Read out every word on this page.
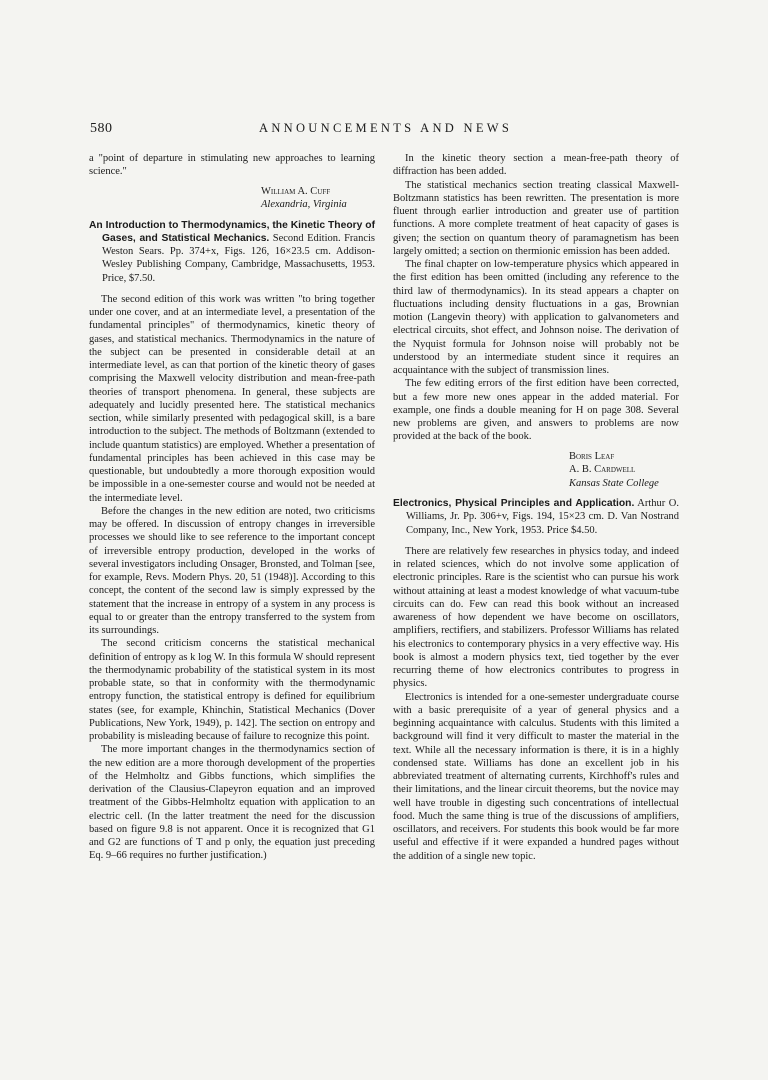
580	ANNOUNCEMENTS AND NEWS

a "point of departure in stimulating new approaches to learning science."

William A. Cuff
Alexandria, Virginia
An Introduction to Thermodynamics, the Kinetic Theory of Gases, and Statistical Mechanics. Second Edition. Francis Weston Sears. Pp. 374+x, Figs. 126, 16×23.5 cm. Addison-Wesley Publishing Company, Cambridge, Massachusetts, 1953. Price, $7.50.

The second edition of this work was written "to bring together under one cover, and at an intermediate level, a presentation of the fundamental principles" of thermodynamics, kinetic theory of gases, and statistical mechanics. Thermodynamics in the nature of the subject can be presented in considerable detail at an intermediate level, as can that portion of the kinetic theory of gases comprising the Maxwell velocity distribution and mean-free-path theories of transport phenomena. In general, these subjects are adequately and lucidly presented here. The statistical mechanics section, while similarly presented with pedagogical skill, is a bare introduction to the subject. The methods of Boltzmann (extended to include quantum statistics) are employed. Whether a presentation of fundamental principles has been achieved in this case may be questionable, but undoubtedly a more thorough exposition would be impossible in a one-semester course and would not be needed at the intermediate level.

Before the changes in the new edition are noted, two criticisms may be offered. In discussion of entropy changes in irreversible processes we should like to see reference to the important concept of irreversible entropy production, developed in the works of several investigators including Onsager, Bronsted, and Tolman [see, for example, Revs. Modern Phys. 20, 51 (1948)]. According to this concept, the content of the second law is simply expressed by the statement that the increase in entropy of a system in any process is equal to or greater than the entropy transferred to the system from its surroundings.

The second criticism concerns the statistical mechanical definition of entropy as k log W. In this formula W should represent the thermodynamic probability of the statistical system in its most probable state, so that in conformity with the thermodynamic entropy function, the statistical entropy is defined for equilibrium states (see, for example, Khinchin, Statistical Mechanics (Dover Publications, New York, 1949), p. 142]. The section on entropy and probability is misleading because of failure to recognize this point.

The more important changes in the thermodynamics section of the new edition are a more thorough development of the properties of the Helmholtz and Gibbs functions, which simplifies the derivation of the Clausius-Clapeyron equation and an improved treatment of the Gibbs-Helmholtz equation with application to an electric cell. (In the latter treatment the need for the discussion based on figure 9.8 is not apparent. Once it is recognized that G1 and G2 are functions of T and p only, the equation just preceding Eq. 9–66 requires no further justification.)

In the kinetic theory section a mean-free-path theory of diffraction has been added.

The statistical mechanics section treating classical Maxwell-Boltzmann statistics has been rewritten. The presentation is more fluent through earlier introduction and greater use of partition functions. A more complete treatment of heat capacity of gases is given; the section on quantum theory of paramagnetism has been largely omitted; a section on thermionic emission has been added.

The final chapter on low-temperature physics which appeared in the first edition has been omitted (including any reference to the third law of thermodynamics). In its stead appears a chapter on fluctuations including density fluctuations in a gas, Brownian motion (Langevin theory) with application to galvanometers and electrical circuits, shot effect, and Johnson noise. The derivation of the Nyquist formula for Johnson noise will probably not be understood by an intermediate student since it requires an acquaintance with the subject of transmission lines.

The few editing errors of the first edition have been corrected, but a few more new ones appear in the added material. For example, one finds a double meaning for H on page 308. Several new problems are given, and answers to problems are now provided at the back of the book.

Boris Leaf
A. B. Cardwell
Kansas State College
Electronics, Physical Principles and Application. Arthur O. Williams, Jr. Pp. 306+v, Figs. 194, 15×23 cm. D. Van Nostrand Company, Inc., New York, 1953. Price $4.50.

There are relatively few researches in physics today, and indeed in related sciences, which do not involve some application of electronic principles. Rare is the scientist who can pursue his work without attaining at least a modest knowledge of what vacuum-tube circuits can do. Few can read this book without an increased awareness of how dependent we have become on oscillators, amplifiers, rectifiers, and stabilizers. Professor Williams has related his electronics to contemporary physics in a very effective way. His book is almost a modern physics text, tied together by the ever recurring theme of how electronics contributes to progress in physics.

Electronics is intended for a one-semester undergraduate course with a basic prerequisite of a year of general physics and a beginning acquaintance with calculus. Students with this limited a background will find it very difficult to master the material in the text. While all the necessary information is there, it is in a highly condensed state. Williams has done an excellent job in his abbreviated treatment of alternating currents, Kirchhoff's rules and their limitations, and the linear circuit theorems, but the novice may well have trouble in digesting such concentrations of intellectual food. Much the same thing is true of the discussions of amplifiers, oscillators, and receivers. For students this book would be far more useful and effective if it were expanded a hundred pages without the addition of a single new topic.
